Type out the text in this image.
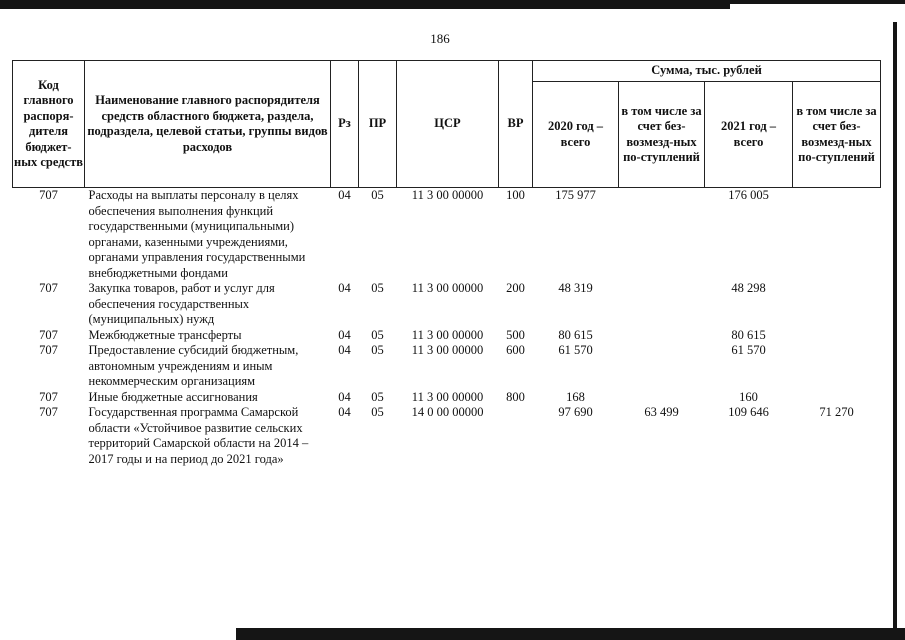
186
Код главного распоря-дителя бюджет-ных средств	Наименование главного распорядителя средств областного бюджета, раздела, подраздела, целевой статьи, группы видов расходов	Рз	ПР	ЦСР	ВР	Сумма, тыс. рублей			
						2020 год – всего	в том числе за счет без-возмезд-ных по-ступлений	2021 год – всего	в том числе за счет без-возмезд-ных по-ступлений
707	Расходы на выплаты персоналу в целях обеспечения выполнения функций государственными (муниципальными) органами, казенными учреждениями, органами управления государственными внебюджетными фондами	04	05	11 3 00 00000	100	175 977		176 005	
707	Закупка товаров, работ и услуг для обеспечения государственных (муниципальных) нужд	04	05	11 3 00 00000	200	48 319		48 298	
707	Межбюджетные трансферты	04	05	11 3 00 00000	500	80 615		80 615	
707	Предоставление субсидий бюджетным, автономным учреждениям и иным некоммерческим организациям	04	05	11 3 00 00000	600	61 570		61 570	
707	Иные бюджетные ассигнования	04	05	11 3 00 00000	800	168		160	
707	Государственная программа Самарской области «Устойчивое развитие сельских территорий Самарской области на 2014 – 2017 годы и на период до 2021 года»	04	05	14 0 00 00000		97 690	63 499	109 646	71 270
